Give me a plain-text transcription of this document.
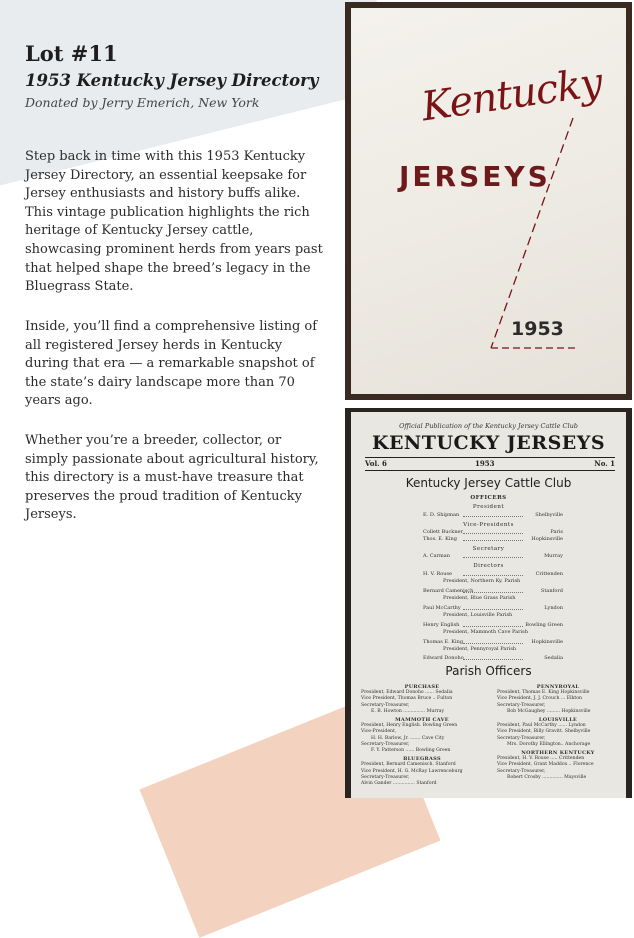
Lot #11
1953 Kentucky Jersey Directory

Donated by Jerry Emerich, New York

Step back in time with this 1953 Kentucky Jersey Directory, an essential keepsake for Jersey enthusiasts and history buffs alike. This vintage publication highlights the rich heritage of Kentucky Jersey cattle, showcasing prominent herds from years past that helped shape the breed’s legacy in the Bluegrass State.

Inside, you’ll find a comprehensive listing of all registered Jersey herds in Kentucky during that era — a remarkable snapshot of the state’s dairy landscape more than 70 years ago.

Whether you’re a breeder, collector, or simply passionate about agricultural history, this directory is a must-have treasure that preserves the proud tradition of Kentucky Jerseys.

Kentucky
JERSEYS
1953
Official Publication of the Kentucky Jersey Cattle Club
KENTUCKY JERSEYS
Vol. 6	1953	No. 1
Kentucky Jersey Cattle Club
OFFICERS
President
E. D. Shipman	Shelbyville
Vice-Presidents
Collett Buckner	Paris
Thos. E. King	Hopkinsville
Secretary
A. Carman	Murray
Directors
H. V. Rouse	Crittenden
President, Northern Ky. Parish
Bernard Camenisch	Stanford
President, Blue Grass Parish
Paul McCarthy	Lyndon
President, Louisville Parish
Henry English	Bowling Green
President, Mammoth Cave Parish
Thomas E. King	Hopkinsville
President, Pennyroyal Parish
Edward Donoho	Sedalia
Parish Officers
PURCHASE
President, Edward Donoho ...... Sedalia
Vice President, Thomas Bruce .. Fulton
Secretary-Treasurer,
E. B. Howton ............... Murray
MAMMOTH CAVE
President, Henry English. Bowling Green
Vice-President,
H. H. Barlow, Jr. ....... Cave City
Secretary-Treasurer,
F. Y. Patterson ...... Bowling Green
BLUEGRASS
President, Bernard Camenisch. Stanford
Vice President, H. G. McRay Lawrenceburg
Secretary-Treasurer,
Alvin Gander ............... Stanford
PENNYROYAL
President, Thomas E. King Hopkinsville
Vice President, J. J. Crouch ... Elkton
Secretary-Treasurer,
Bob McGaughey ......... Hopkinsville
LOUISVILLE
President, Paul McCarthy ...... Lyndon
Vice President, Billy Gravitt. Shelbyville
Secretary-Treasurer,
Mrs. Dorothy Ellington.. Anchorage
NORTHERN KENTUCKY
President, H. V. Rouse ..... Crittenden
Vice President, Grant Maddox .. Florence
Secretary-Treasurer,
Robert Crosby .............. Maysville
